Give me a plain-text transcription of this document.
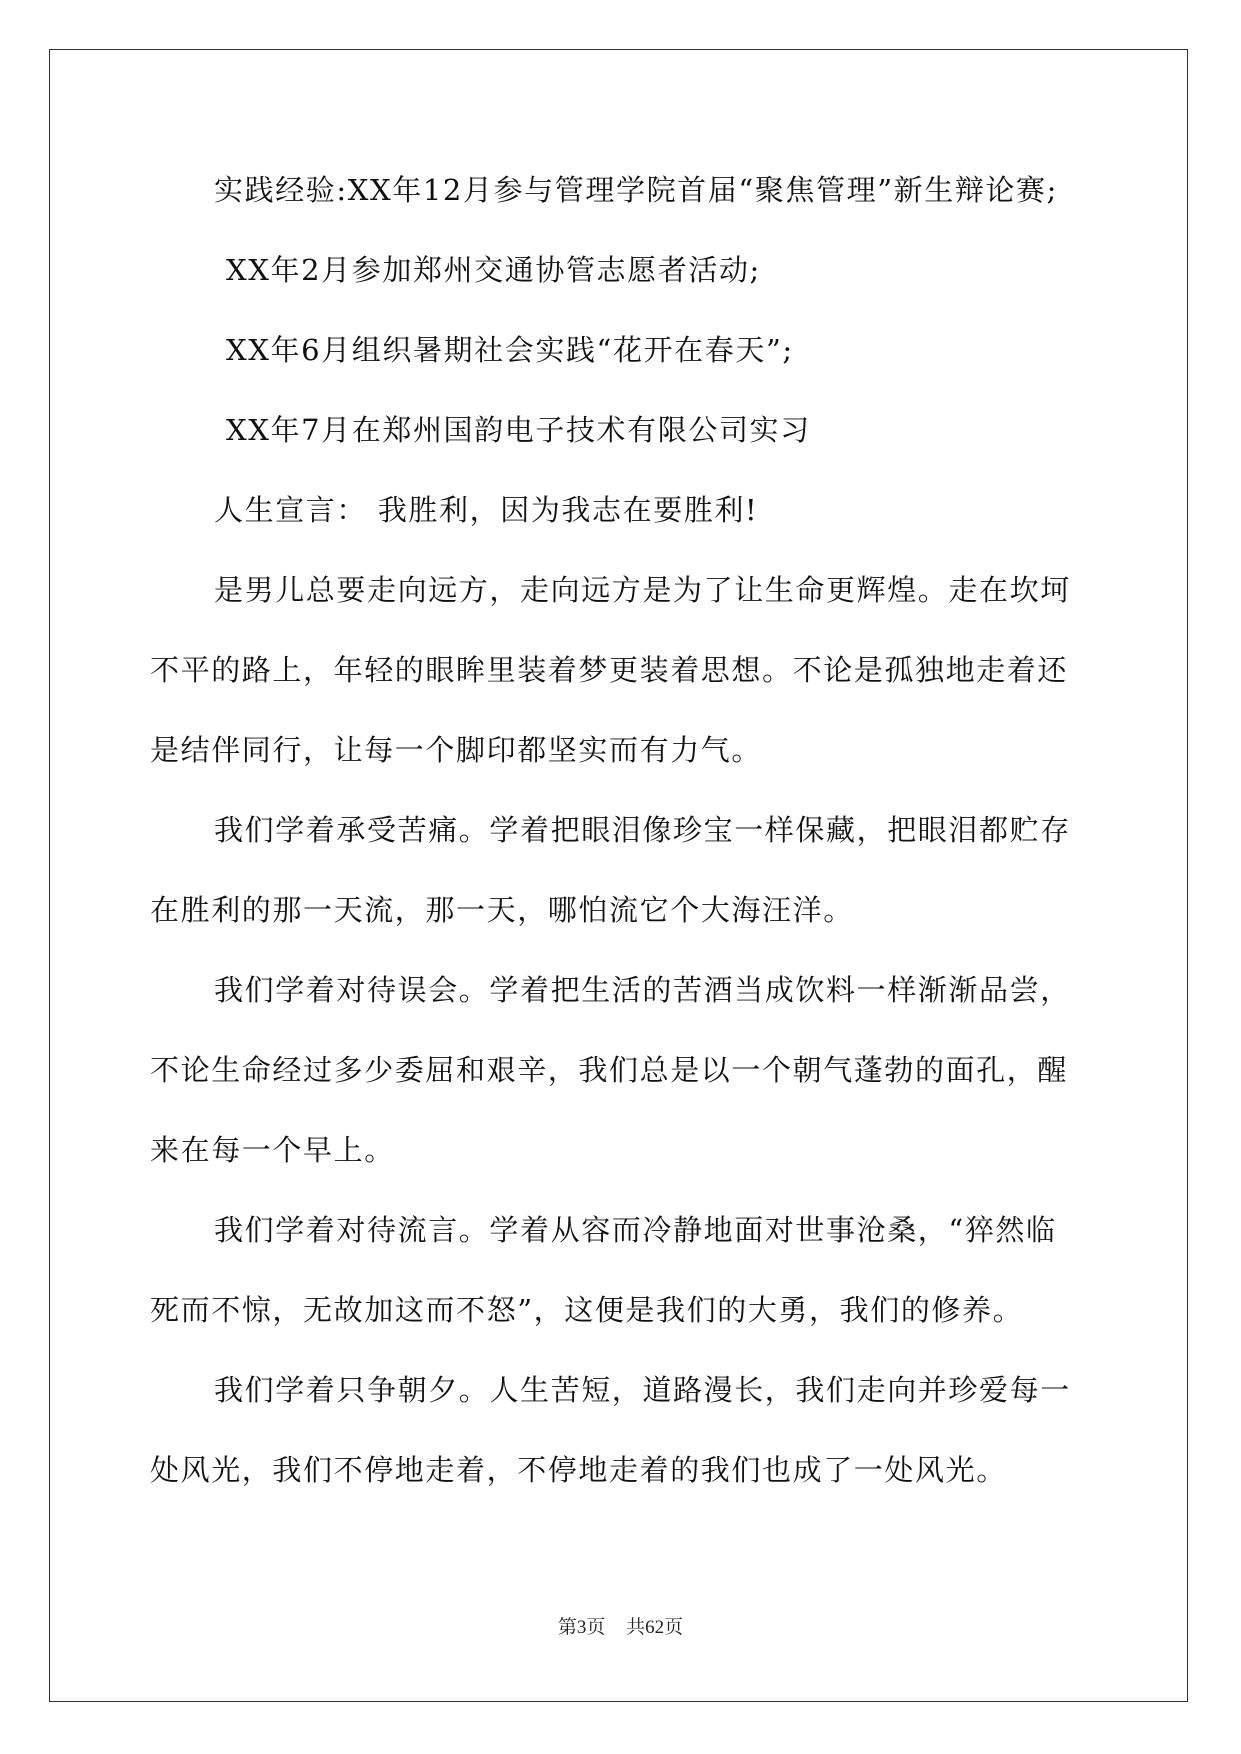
实践经验:XX年12月参与管理学院首届“聚焦管理”新生辩论赛;
XX年2月参加郑州交通协管志愿者活动;
XX年6月组织暑期社会实践“花开在春天”;
XX年7月在郑州国韵电子技术有限公司实习
人生宣言： 我胜利，因为我志在要胜利!
是男儿总要走向远方，走向远方是为了让生命更辉煌。走在坎坷
不平的路上，年轻的眼眸里装着梦更装着思想。不论是孤独地走着还
是结伴同行，让每一个脚印都坚实而有力气。
我们学着承受苦痛。学着把眼泪像珍宝一样保藏，把眼泪都贮存
在胜利的那一天流，那一天，哪怕流它个大海汪洋。
我们学着对待误会。学着把生活的苦酒当成饮料一样渐渐品尝，
不论生命经过多少委屈和艰辛，我们总是以一个朝气蓬勃的面孔，醒
来在每一个早上。
我们学着对待流言。学着从容而冷静地面对世事沧桑，“猝然临
死而不惊，无故加这而不怒”，这便是我们的大勇，我们的修养。
我们学着只争朝夕。人生苦短，道路漫长，我们走向并珍爱每一
处风光，我们不停地走着，不停地走着的我们也成了一处风光。
第3页 共62页
